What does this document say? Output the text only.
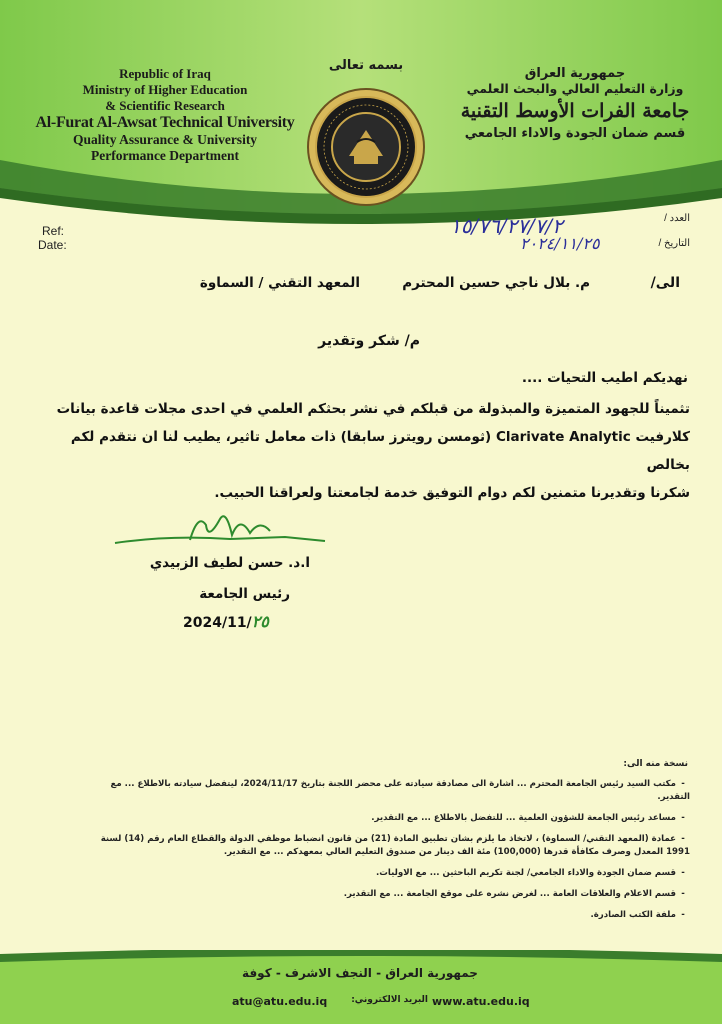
Republic of Iraq
Ministry of Higher Education
& Scientific Research
Al-Furat Al-Awsat Technical University
Quality Assurance & University
Performance Department
بسمه تعالى
جمهورية العراق
وزارة التعليم العالي والبحث العلمي
جامعة الفرات الأوسط التقنية
قسم ضمان الجودة والاداء الجامعي
Ref:
Date:
العدد /
التاريخ /
١٥/٧٦/٢٧/٧/٢
٢٠٢٤/١١/٢٥
الى/
م. بلال ناجي حسين المحترم
المعهد التقني / السماوة
م/ شكر وتقدير
نهديكم اطيب التحيات ....
تثميناً للجهود المتميزة والمبذولة من قبلكم في نشر بحثكم العلمي في احدى مجلات قاعدة بيانات
كلارفيت Clarivate Analytic (ثومسن رويترز سابقا) ذات معامل تاثير، يطيب لنا ان نتقدم لكم بخالص
شكرنا وتقديرنا متمنين لكم دوام التوفيق خدمة لجامعتنا ولعراقنا الحبيب.
ا.د. حسن لطيف الزبيدي
رئيس الجامعة
2024/11/٢٥
نسخة منه الى:
-مكتب السيد رئيس الجامعة المحترم ... اشارة الى مصادقة سيادته على محضر اللجنة بتاريخ 2024/11/17، ليتفضل سيادته بالاطلاع ... مع التقدير.
-مساعد رئيس الجامعة للشؤون العلمية ... للتفضل بالاطلاع ... مع التقدير.
-عمادة (المعهد التقني/ السماوة) ، لاتخاذ ما يلزم بشان تطبيق المادة (21) من قانون انضباط موظفي الدولة والقطاع العام رقم (14) لسنة 1991 المعدل وصرف مكافأة قدرها (100,000) مئة الف دينار من صندوق التعليم العالي بمعهدكم ... مع التقدير.
-قسم ضمان الجودة والاداء الجامعي/ لجنة تكريم الباحثين ... مع الاوليات.
-قسم الاعلام والعلاقات العامة ... لغرض نشره على موقع الجامعة ... مع التقدير.
-ملفة الكتب الصادرة.
جمهورية العراق - النجف الاشرف - كوفة
atu@atu.edu.iq	البريد الالكتروني: www.atu.edu.iq
